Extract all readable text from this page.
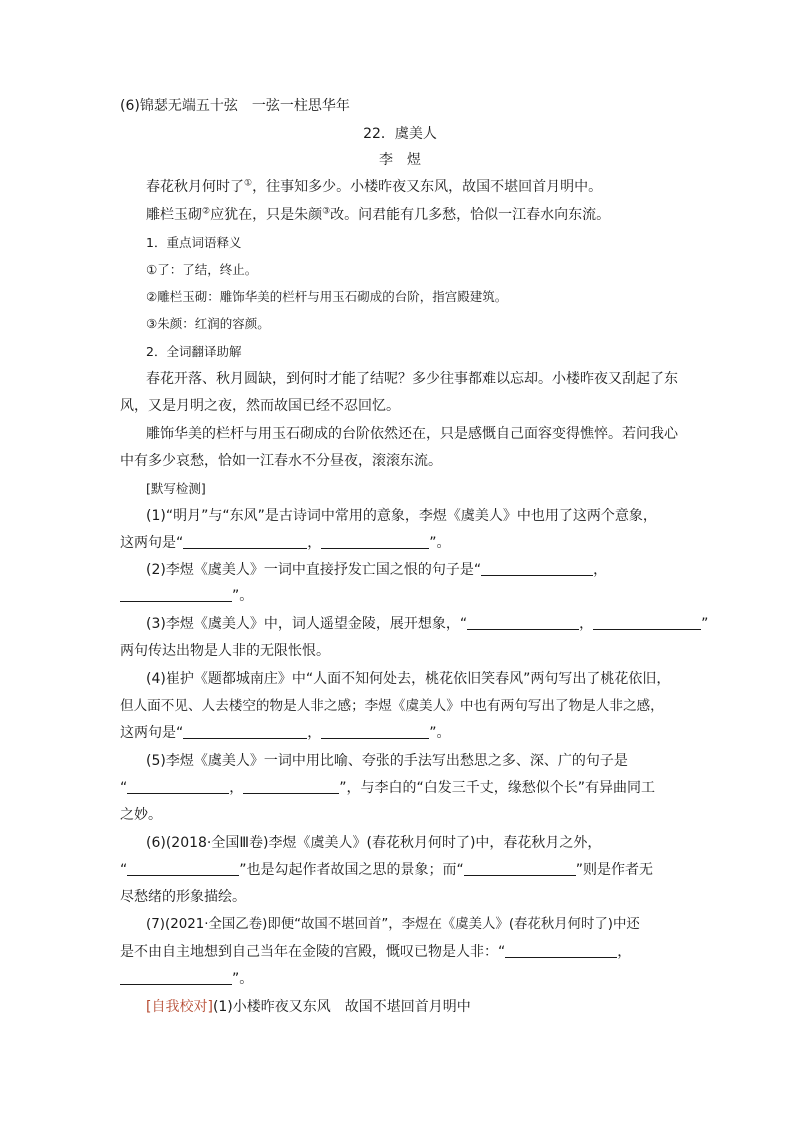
(6)锦瑟无端五十弦　一弦一柱思华年
22．虞美人
李　煜
春花秋月何时了①，往事知多少。小楼昨夜又东风，故国不堪回首月明中。
雕栏玉砌②应犹在，只是朱颜③改。问君能有几多愁，恰似一江春水向东流。
1．重点词语释义
①了：了结，终止。
②雕栏玉砌：雕饰华美的栏杆与用玉石砌成的台阶，指宫殿建筑。
③朱颜：红润的容颜。
2．全词翻译助解
春花开落、秋月圆缺，到何时才能了结呢？多少往事都难以忘却。小楼昨夜又刮起了东
风，又是月明之夜，然而故国已经不忍回忆。
雕饰华美的栏杆与用玉石砌成的台阶依然还在，只是感慨自己面容变得憔悴。若问我心
中有多少哀愁，恰如一江春水不分昼夜，滚滚东流。
[默写检测]
(1)“明月”与“东风”是古诗词中常用的意象，李煜《虞美人》中也用了这两个意象，
这两句是“	，	”。
(2)李煜《虞美人》一词中直接抒发亡国之恨的句子是“	，
”。
(3)李煜《虞美人》中，词人遥望金陵，展开想象，“	，	”
两句传达出物是人非的无限怅恨。
(4)崔护《题都城南庄》中“人面不知何处去，桃花依旧笑春风”两句写出了桃花依旧，
但人面不见、人去楼空的物是人非之感；李煜《虞美人》中也有两句写出了物是人非之感，
这两句是“	，	”。
(5)李煜《虞美人》一词中用比喻、夸张的手法写出愁思之多、深、广的句子是
“	，	”，与李白的“白发三千丈，缘愁似个长”有异曲同工
之妙。
(6)(2018·全国Ⅲ卷)李煜《虞美人》(春花秋月何时了)中，春花秋月之外，
“	”也是勾起作者故国之思的景象；而“	”则是作者无
尽愁绪的形象描绘。
(7)(2021·全国乙卷)即便“故国不堪回首”，李煜在《虞美人》(春花秋月何时了)中还
是不由自主地想到自己当年在金陵的宫殿，慨叹已物是人非：“	，
”。
[自我校对](1)小楼昨夜又东风　故国不堪回首月明中
